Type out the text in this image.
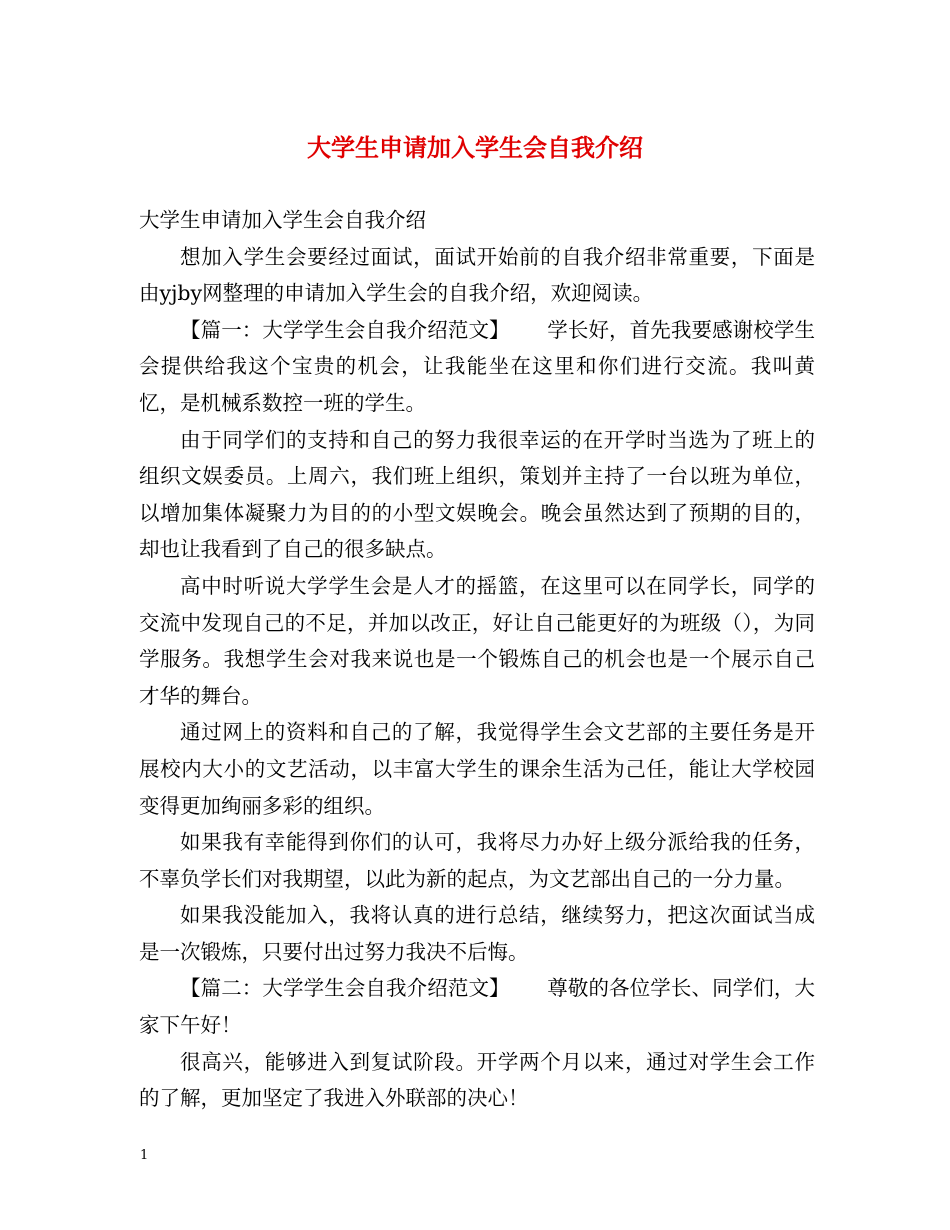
大学生申请加入学生会自我介绍

大学生申请加入学生会自我介绍

想加入学生会要经过面试，面试开始前的自我介绍非常重要，下面是由yjby网整理的申请加入学生会的自我介绍，欢迎阅读。

【篇一：大学学生会自我介绍范文】　　 学长好，首先我要感谢校学生会提供给我这个宝贵的机会，让我能坐在这里和你们进行交流。我叫黄忆，是机械系数控一班的学生。

由于同学们的支持和自己的努力我很幸运的在开学时当选为了班上的组织文娱委员。上周六，我们班上组织，策划并主持了一台以班为单位，以增加集体凝聚力为目的的小型文娱晚会。晚会虽然达到了预期的目的，却也让我看到了自己的很多缺点。

高中时听说大学学生会是人才的摇篮，在这里可以在同学长，同学的交流中发现自己的不足，并加以改正，好让自己能更好的为班级（），为同学服务。我想学生会对我来说也是一个锻炼自己的机会也是一个展示自己才华的舞台。

通过网上的资料和自己的了解，我觉得学生会文艺部的主要任务是开展校内大小的文艺活动，以丰富大学生的课余生活为己任，能让大学校园变得更加绚丽多彩的组织。

如果我有幸能得到你们的认可，我将尽力办好上级分派给我的任务，不辜负学长们对我期望，以此为新的起点，为文艺部出自己的一分力量。

如果我没能加入，我将认真的进行总结，继续努力，把这次面试当成是一次锻炼，只要付出过努力我决不后悔。

【篇二：大学学生会自我介绍范文】　　 尊敬的各位学长、同学们，大家下午好！

很高兴，能够进入到复试阶段。开学两个月以来，通过对学生会工作的了解，更加坚定了我进入外联部的决心！

1
